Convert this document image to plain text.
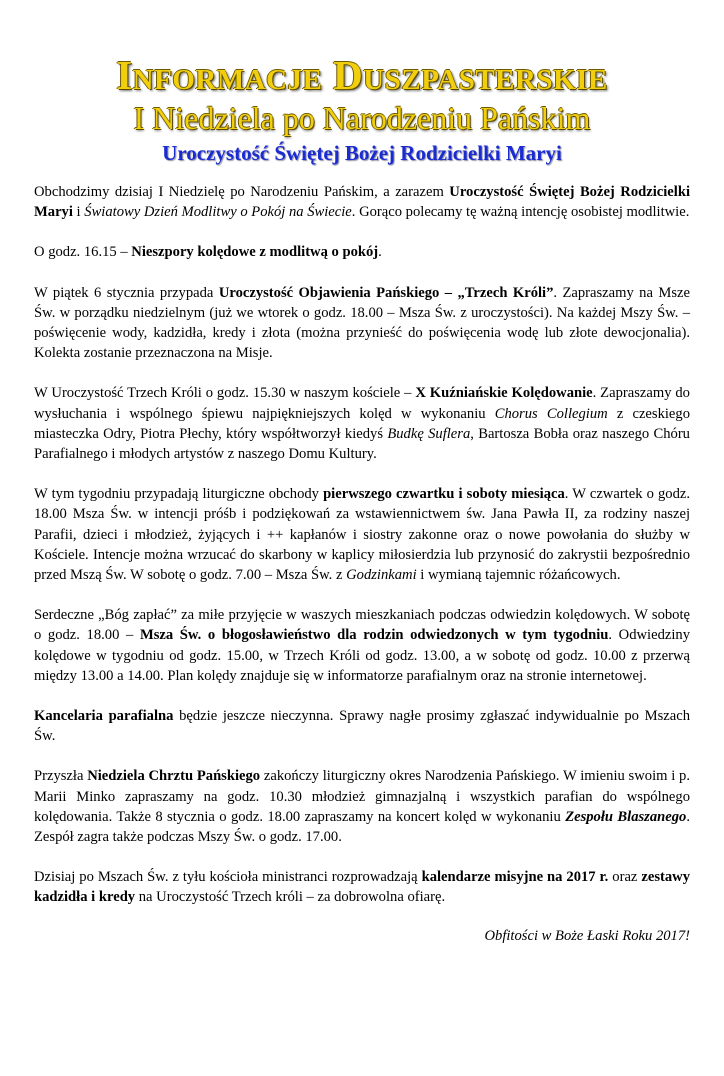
Informacje Duszpasterskie
I Niedziela po Narodzeniu Pańskim
Uroczystość Świętej Bożej Rodzicielki Maryi

Obchodzimy dzisiaj I Niedzielę po Narodzeniu Pańskim, a zarazem Uroczystość Świętej Bożej Rodzicielki Maryi i Światowy Dzień Modlitwy o Pokój na Świecie. Gorąco polecamy tę ważną intencję osobistej modlitwie.

O godz. 16.15 – Nieszpory kolędowe z modlitwą o pokój.

W piątek 6 stycznia przypada Uroczystość Objawienia Pańskiego – „Trzech Króli”. Zapraszamy na Msze Św. w porządku niedzielnym (już we wtorek o godz. 18.00 – Msza Św. z uroczystości). Na każdej Mszy Św. – poświęcenie wody, kadzidła, kredy i złota (można przynieść do poświęcenia wodę lub złote dewocjonalia). Kolekta zostanie przeznaczona na Misje.

W Uroczystość Trzech Króli o godz. 15.30 w naszym kościele – X Kuźniańskie Kolędowanie. Zapraszamy do wysłuchania i wspólnego śpiewu najpiękniejszych kolęd w wykonaniu Chorus Collegium z czeskiego miasteczka Odry, Piotra Płechy, który współtworzył kiedyś Budkę Suflera, Bartosza Bobła oraz naszego Chóru Parafialnego i młodych artystów z naszego Domu Kultury.

W tym tygodniu przypadają liturgiczne obchody pierwszego czwartku i soboty miesiąca. W czwartek o godz. 18.00 Msza Św. w intencji próśb i podziękowań za wstawiennictwem św. Jana Pawła II, za rodziny naszej Parafii, dzieci i młodzież, żyjących i ++ kapłanów i siostry zakonne oraz o nowe powołania do służby w Kościele. Intencje można wrzucać do skarbony w kaplicy miłosierdzia lub przynosić do zakrystii bezpośrednio przed Mszą Św. W sobotę o godz. 7.00 – Msza Św. z Godzinkami i wymianą tajemnic różańcowych.

Serdeczne „Bóg zapłać” za miłe przyjęcie w waszych mieszkaniach podczas odwiedzin kolędowych. W sobotę o godz. 18.00 – Msza Św. o błogosławieństwo dla rodzin odwiedzonych w tym tygodniu. Odwiedziny kolędowe w tygodniu od godz. 15.00, w Trzech Króli od godz. 13.00, a w sobotę od godz. 10.00 z przerwą między 13.00 a 14.00. Plan kolędy znajduje się w informatorze parafialnym oraz na stronie internetowej.

Kancelaria parafialna będzie jeszcze nieczynna. Sprawy nagłe prosimy zgłaszać indywidualnie po Mszach Św.

Przyszła Niedziela Chrztu Pańskiego zakończy liturgiczny okres Narodzenia Pańskiego. W imieniu swoim i p. Marii Minko zapraszamy na godz. 10.30 młodzież gimnazjalną i wszystkich parafian do wspólnego kolędowania. Także 8 stycznia o godz. 18.00 zapraszamy na koncert kolęd w wykonaniu Zespołu Blaszanego. Zespół zagra także podczas Mszy Św. o godz. 17.00.

Dzisiaj po Mszach Św. z tyłu kościoła ministranci rozprowadzają kalendarze misyjne na 2017 r. oraz zestawy kadzidła i kredy na Uroczystość Trzech króli – za dobrowolna ofiarę.

Obfitości w Boże Łaski Roku 2017!
